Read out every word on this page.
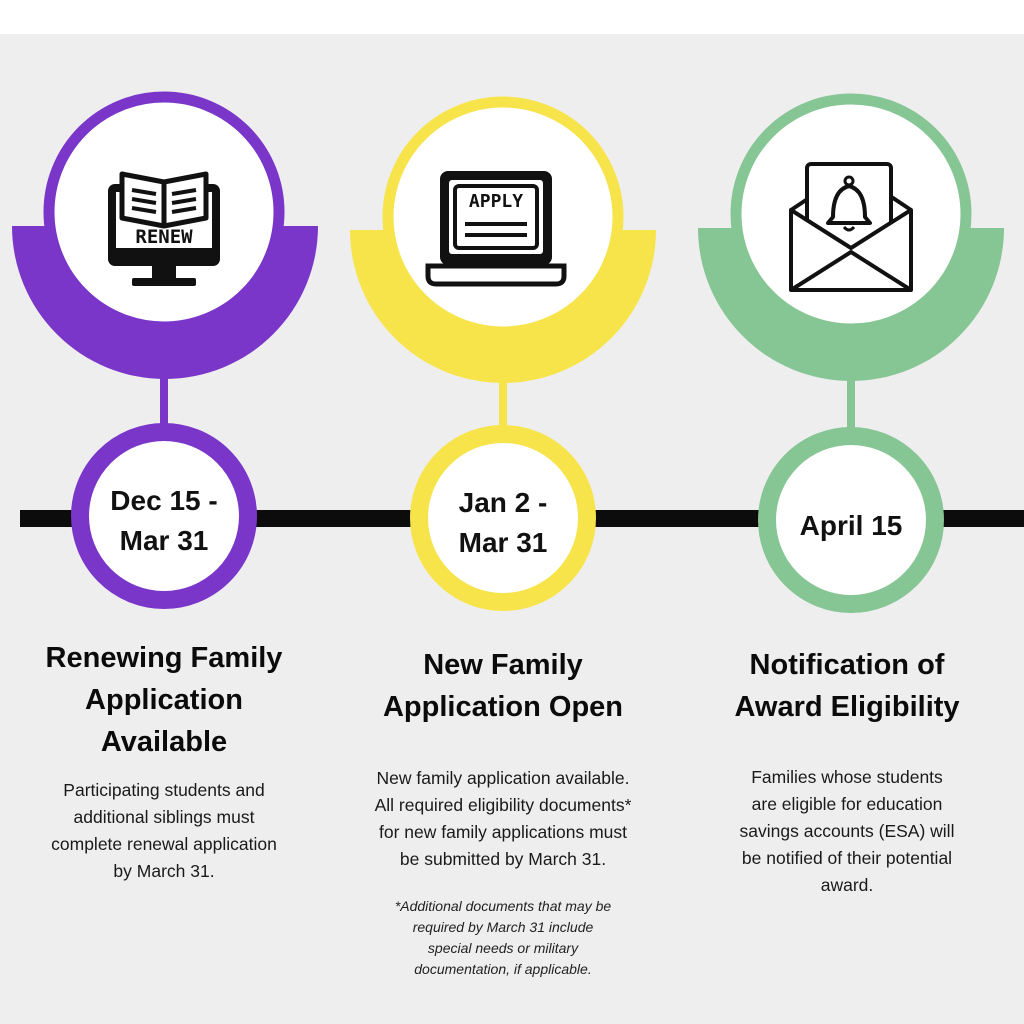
RENEW
APPLY
Dec 15 -
Mar 31
Jan 2 -
Mar 31
April 15
Renewing Family
Application
Available
New Family
Application Open
Notification of
Award Eligibility
Participating students and
additional siblings must
complete renewal application
by March 31.
New family application available.
All required eligibility documents*
for new family applications must
be submitted by March 31.
Families whose students
are eligible for education
savings accounts (ESA) will
be notified of their potential
award.
*Additional documents that may be
required by March 31 include
special needs or military
documentation, if applicable.
